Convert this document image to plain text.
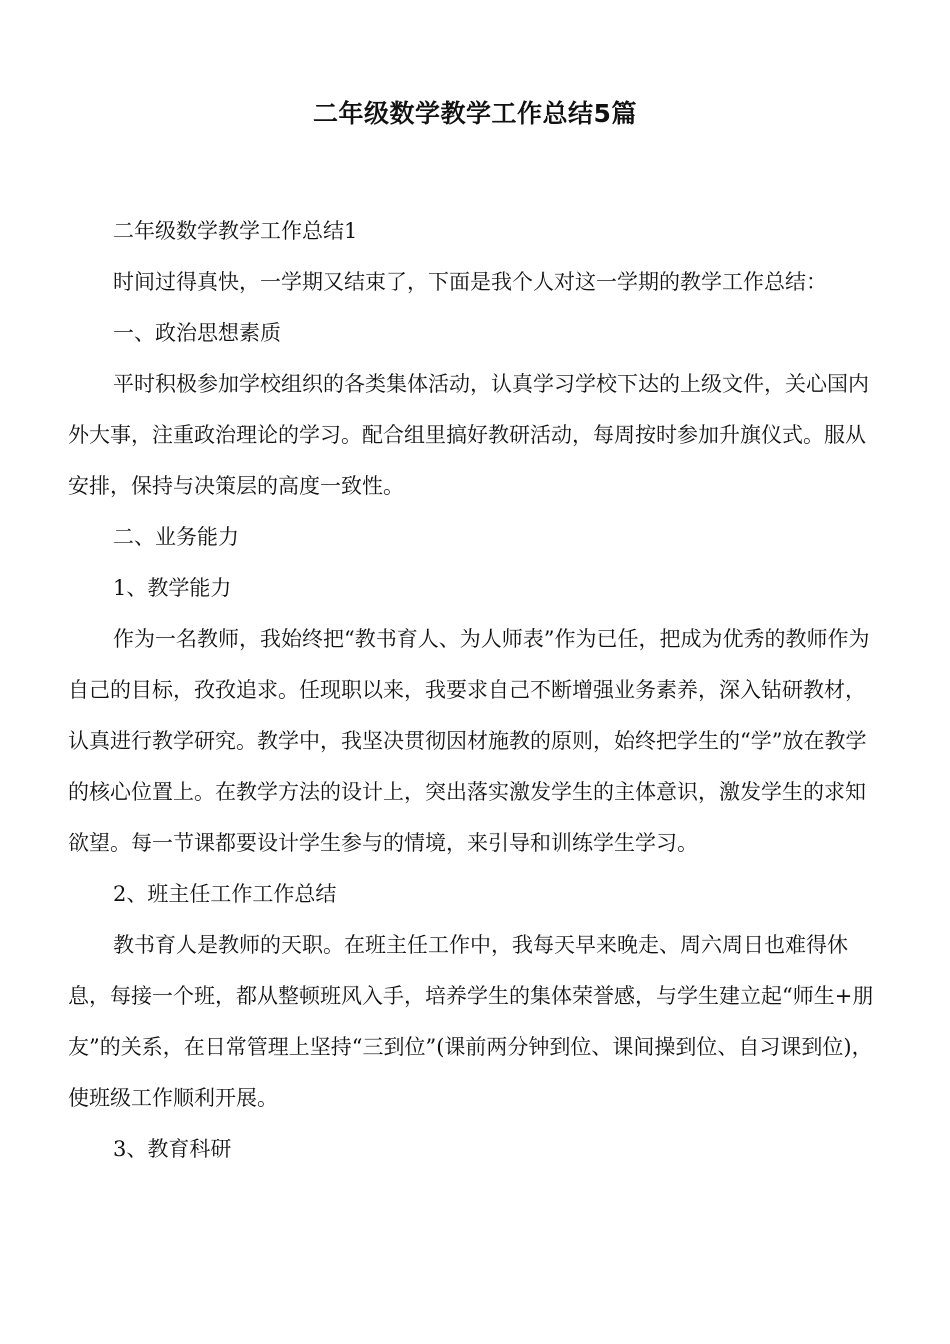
二年级数学教学工作总结5篇

二年级数学教学工作总结1

时间过得真快，一学期又结束了，下面是我个人对这一学期的教学工作总结：

一、政治思想素质

平时积极参加学校组织的各类集体活动，认真学习学校下达的上级文件，关心国内外大事，注重政治理论的学习。配合组里搞好教研活动，每周按时参加升旗仪式。服从安排，保持与决策层的高度一致性。

二、业务能力

1、教学能力

作为一名教师，我始终把“教书育人、为人师表”作为已任，把成为优秀的教师作为自己的目标，孜孜追求。任现职以来，我要求自己不断增强业务素养，深入钻研教材，认真进行教学研究。教学中，我坚决贯彻因材施教的原则，始终把学生的“学”放在教学的核心位置上。在教学方法的设计上，突出落实激发学生的主体意识，激发学生的求知欲望。每一节课都要设计学生参与的情境，来引导和训练学生学习。

2、班主任工作工作总结

教书育人是教师的天职。在班主任工作中，我每天早来晚走、周六周日也难得休息，每接一个班，都从整顿班风入手，培养学生的集体荣誉感，与学生建立起“师生+朋友”的关系，在日常管理上坚持“三到位”(课前两分钟到位、课间操到位、自习课到位)，使班级工作顺利开展。

3、教育科研
